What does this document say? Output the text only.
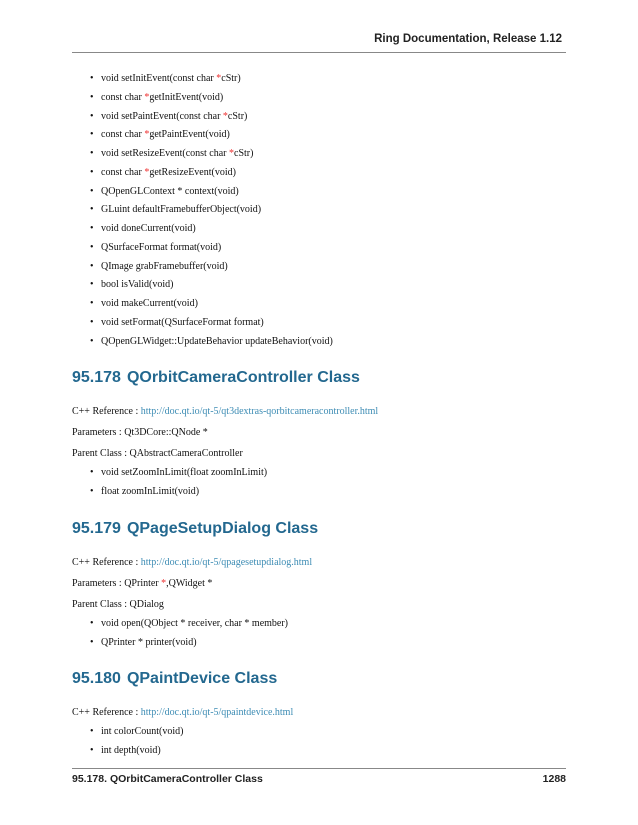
Ring Documentation, Release 1.12
• void setInitEvent(const char *cStr)
• const char *getInitEvent(void)
• void setPaintEvent(const char *cStr)
• const char *getPaintEvent(void)
• void setResizeEvent(const char *cStr)
• const char *getResizeEvent(void)
• QOpenGLContext * context(void)
• GLuint defaultFramebufferObject(void)
• void doneCurrent(void)
• QSurfaceFormat format(void)
• QImage grabFramebuffer(void)
• bool isValid(void)
• void makeCurrent(void)
• void setFormat(QSurfaceFormat format)
• QOpenGLWidget::UpdateBehavior updateBehavior(void)
95.178 QOrbitCameraController Class

C++ Reference : http://doc.qt.io/qt-5/qt3dextras-qorbitcameracontroller.html

Parameters : Qt3DCore::QNode *

Parent Class : QAbstractCameraController

• void setZoomInLimit(float zoomInLimit)
• float zoomInLimit(void)
95.179 QPageSetupDialog Class

C++ Reference : http://doc.qt.io/qt-5/qpagesetupdialog.html

Parameters : QPrinter *,QWidget *

Parent Class : QDialog

• void open(QObject * receiver, char * member)
• QPrinter * printer(void)
95.180 QPaintDevice Class

C++ Reference : http://doc.qt.io/qt-5/qpaintdevice.html

• int colorCount(void)
• int depth(void)
95.178. QOrbitCameraController Class	1288
